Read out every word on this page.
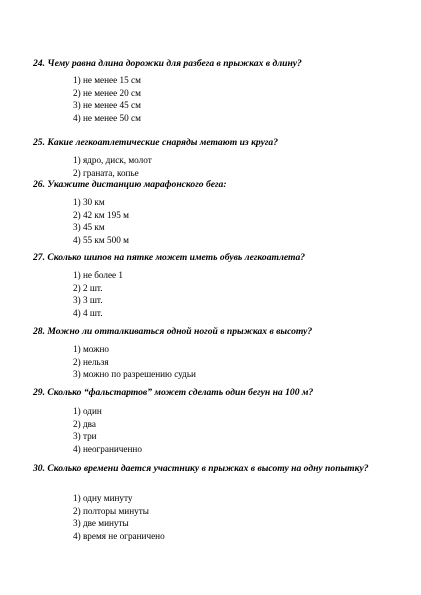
24. Чему равна длина дорожки для разбега в прыжках в длину?

1) не менее 15 см
2) не менее 20 см
3) не менее 45 см
4) не менее 50 см

25. Какие легкоатлетические снаряды метают из круга?

1) ядро, диск, молот
2) граната, копье

26. Укажите дистанцию марафонского бега:

1) 30 км
2) 42 км 195 м
3) 45 км
4) 55 км 500 м

27. Сколько шипов на пятке может иметь обувь легкоатлета?

1) не более 1
2) 2 шт.
3) 3 шт.
4) 4 шт.

28. Можно ли отталкиваться одной ногой в прыжках в высоту?

1) можно
2) нельзя
3) можно по разрешению судьи

29. Сколько “фальстартов” может сделать один бегун на 100 м?

1) один
2) два
3) три
4) неограниченно

30. Сколько времени дается участнику в прыжках в высоту на одну попытку?

1) одну минуту
2) полторы минуты
3) две минуты
4) время не ограничено
